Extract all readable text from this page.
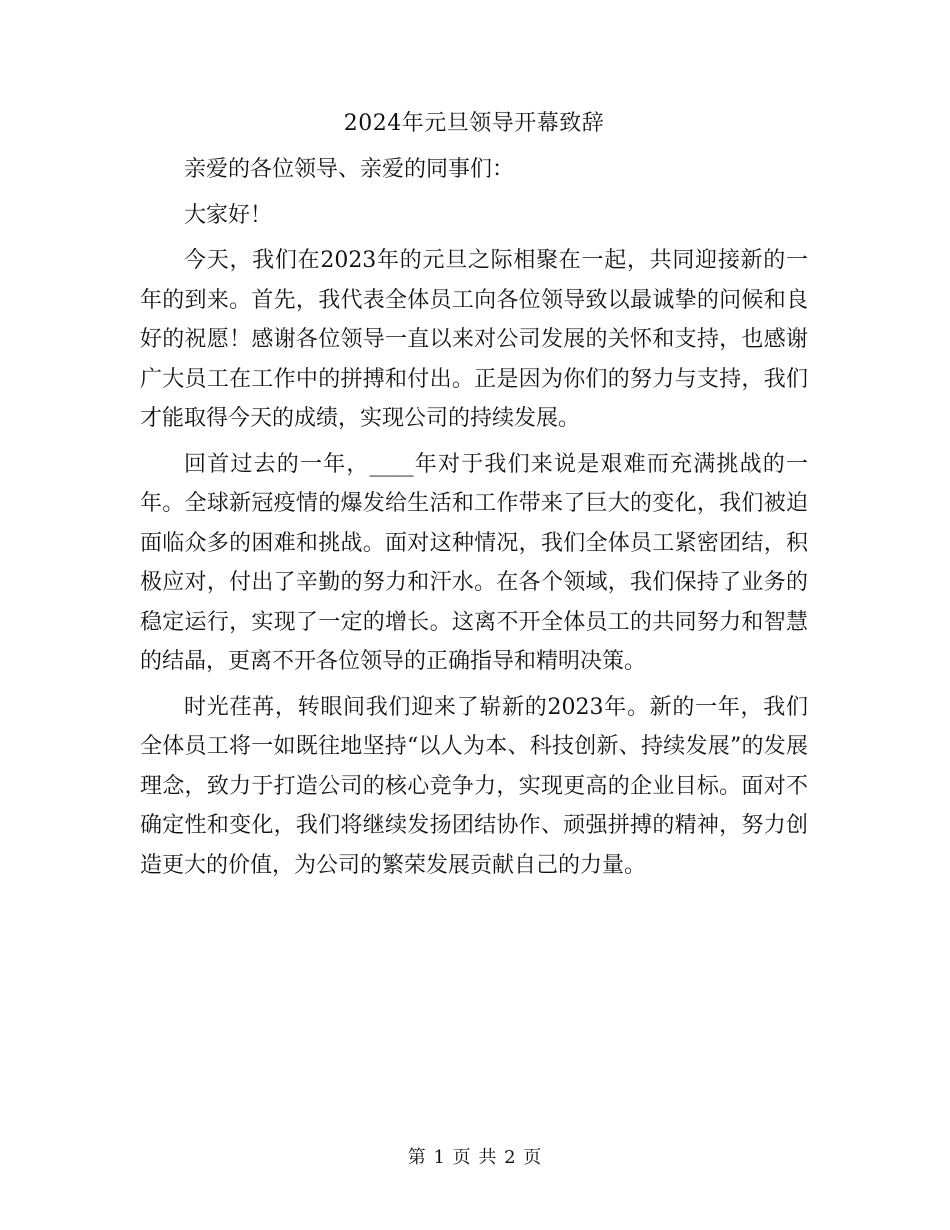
2024年元旦领导开幕致辞

亲爱的各位领导、亲爱的同事们：

大家好！

今天，我们在2023年的元旦之际相聚在一起，共同迎接新的一年的到来。首先，我代表全体员工向各位领导致以最诚挚的问候和良好的祝愿！感谢各位领导一直以来对公司发展的关怀和支持，也感谢广大员工在工作中的拼搏和付出。正是因为你们的努力与支持，我们才能取得今天的成绩，实现公司的持续发展。

回首过去的一年，____年对于我们来说是艰难而充满挑战的一年。全球新冠疫情的爆发给生活和工作带来了巨大的变化，我们被迫面临众多的困难和挑战。面对这种情况，我们全体员工紧密团结，积极应对，付出了辛勤的努力和汗水。在各个领域，我们保持了业务的稳定运行，实现了一定的增长。这离不开全体员工的共同努力和智慧的结晶，更离不开各位领导的正确指导和精明决策。

时光荏苒，转眼间我们迎来了崭新的2023年。新的一年，我们全体员工将一如既往地坚持“以人为本、科技创新、持续发展”的发展理念，致力于打造公司的核心竞争力，实现更高的企业目标。面对不确定性和变化，我们将继续发扬团结协作、顽强拼搏的精神，努力创造更大的价值，为公司的繁荣发展贡献自己的力量。

第 1 页 共 2 页
